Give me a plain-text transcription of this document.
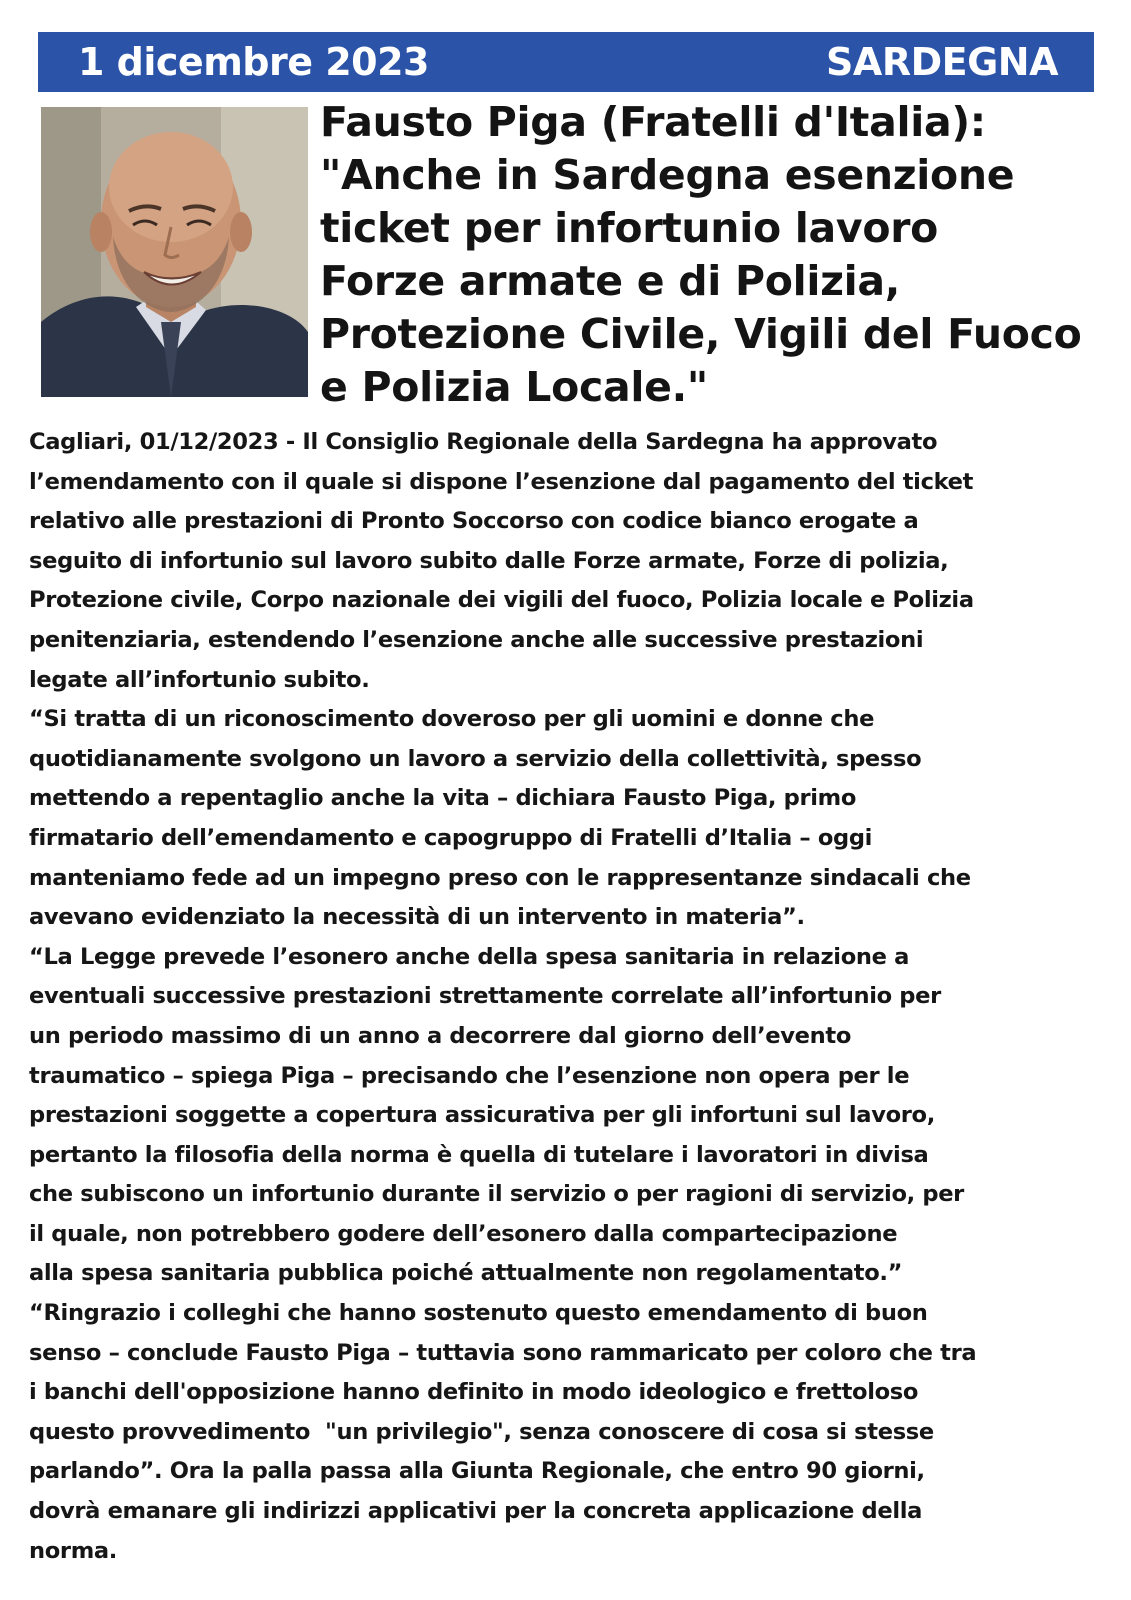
1 dicembre 2023	SARDEGNA
Fausto Piga (Fratelli d'Italia):
"Anche in Sardegna esenzione
ticket per infortunio lavoro
Forze armate e di Polizia,
Protezione Civile, Vigili del Fuoco
e Polizia Locale."
Cagliari, 01/12/2023 - Il Consiglio Regionale della Sardegna ha approvato
l’emendamento con il quale si dispone l’esenzione dal pagamento del ticket
relativo alle prestazioni di Pronto Soccorso con codice bianco erogate a
seguito di infortunio sul lavoro subito dalle Forze armate, Forze di polizia,
Protezione civile, Corpo nazionale dei vigili del fuoco, Polizia locale e Polizia
penitenziaria, estendendo l’esenzione anche alle successive prestazioni
legate all’infortunio subito.
“Si tratta di un riconoscimento doveroso per gli uomini e donne che
quotidianamente svolgono un lavoro a servizio della collettività, spesso
mettendo a repentaglio anche la vita – dichiara Fausto Piga, primo
firmatario dell’emendamento e capogruppo di Fratelli d’Italia – oggi
manteniamo fede ad un impegno preso con le rappresentanze sindacali che
avevano evidenziato la necessità di un intervento in materia”.
“La Legge prevede l’esonero anche della spesa sanitaria in relazione a
eventuali successive prestazioni strettamente correlate all’infortunio per
un periodo massimo di un anno a decorrere dal giorno dell’evento
traumatico – spiega Piga – precisando che l’esenzione non opera per le
prestazioni soggette a copertura assicurativa per gli infortuni sul lavoro,
pertanto la filosofia della norma è quella di tutelare i lavoratori in divisa
che subiscono un infortunio durante il servizio o per ragioni di servizio, per
il quale, non potrebbero godere dell’esonero dalla compartecipazione
alla spesa sanitaria pubblica poiché attualmente non regolamentato.”
“Ringrazio i colleghi che hanno sostenuto questo emendamento di buon
senso – conclude Fausto Piga – tuttavia sono rammaricato per coloro che tra
i banchi dell'opposizione hanno definito in modo ideologico e frettoloso
questo provvedimento  "un privilegio", senza conoscere di cosa si stesse
parlando”. Ora la palla passa alla Giunta Regionale, che entro 90 giorni,
dovrà emanare gli indirizzi applicativi per la concreta applicazione della
norma.
